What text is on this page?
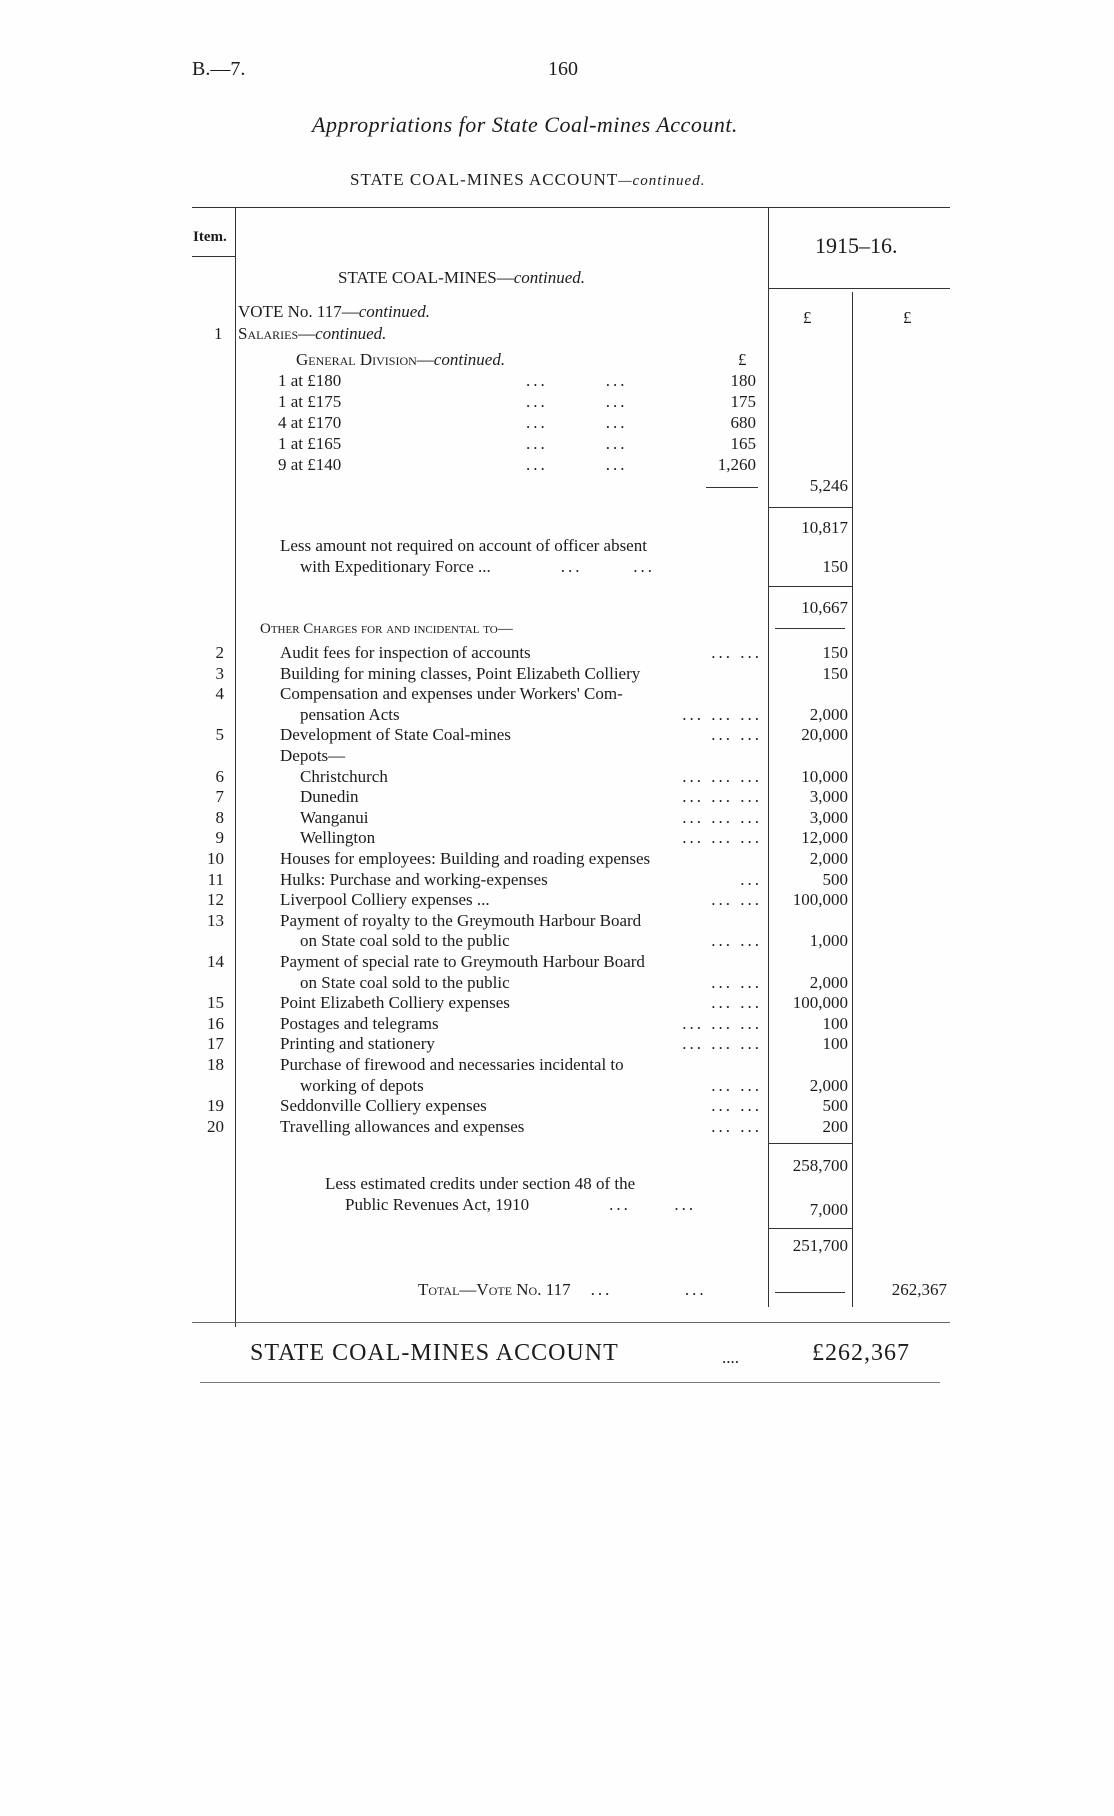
B.—7.	160
Appropriations for State Coal-mines Account.
STATE COAL-MINES ACCOUNT—continued.
Item.	1915–16.
£	£
STATE COAL-MINES—continued.
VOTE No. 117—continued.
1 Salaries—continued.
General Division—continued.	£
1 at £180	...        ...	180
1 at £175	...        ...	175
4 at £170	...        ...	680
1 at £165	...        ...	165
9 at £140	...        ...	1,260
5,246
10,817
Less amount not required on account of officer absent
with Expeditionary Force ...	...       ...	150
10,667
Other Charges for and incidental to—
2	Audit fees for inspection of accounts	... ...	150
3	Building for mining classes, Point Elizabeth Colliery	150
4	Compensation and expenses under Workers' Com-
pensation Acts	... ... ...	2,000
5	Development of State Coal-mines	... ...	20,000
Depots—
6	Christchurch	... ... ...	10,000
7	Dunedin	... ... ...	3,000
8	Wanganui	... ... ...	3,000
9	Wellington	... ... ...	12,000
10	Houses for employees: Building and roading expenses	2,000
11	Hulks: Purchase and working-expenses	...	500
12	Liverpool Colliery expenses ...	... ...	100,000
13	Payment of royalty to the Greymouth Harbour Board
on State coal sold to the public	... ...	1,000
14	Payment of special rate to Greymouth Harbour Board
on State coal sold to the public	... ...	2,000
15	Point Elizabeth Colliery expenses	... ...	100,000
16	Postages and telegrams	... ... ...	100
17	Printing and stationery	... ... ...	100
18	Purchase of firewood and necessaries incidental to
working of depots	... ...	2,000
19	Seddonville Colliery expenses	... ...	500
20	Travelling allowances and expenses	... ...	200
258,700
Less estimated credits under section 48 of the
Public Revenues Act, 1910	...      ...	7,000
251,700
Total—Vote No. 117 ...          ...	262,367
STATE COAL-MINES ACCOUNT	....	£262,367
